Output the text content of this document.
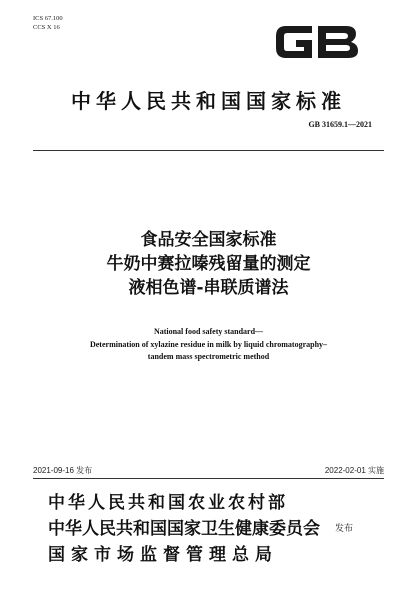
ICS 67.100
CCS X 16
中华人民共和国国家标准
GB 31659.1—2021
食品安全国家标准
牛奶中赛拉嗪残留量的测定
液相色谱-串联质谱法
National food safety standard—
Determination of xylazine residue in milk by liquid chromatography–
tandem mass spectrometric method
2021-09-16 发布	2022-02-01 实施
中华人民共和国农业农村部
中华人民共和国国家卫生健康委员会 发布
国家市场监督管理总局
